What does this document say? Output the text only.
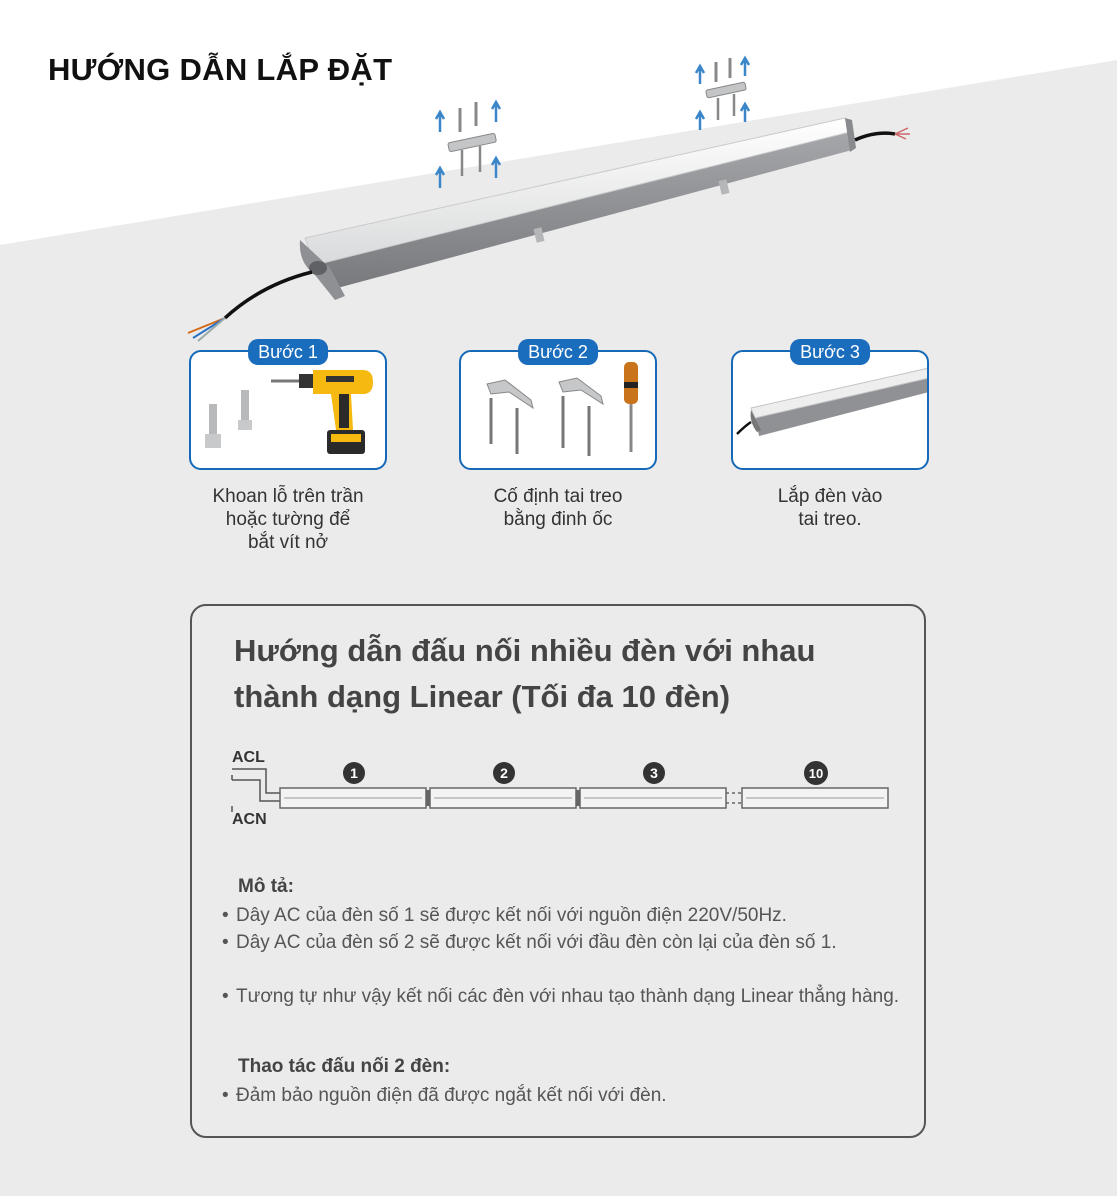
HƯỚNG DẪN LẮP ĐẶT
Bước 1
Khoan lỗ trên trần
hoặc tường để
bắt vít nở
Bước 2
Cố định tai treo
bằng đinh ốc
Bước 3
Lắp đèn vào
tai treo.
Hướng dẫn đấu nối nhiều đèn với nhau
thành dạng Linear (Tối đa 10 đèn)
ACL
ACN
1	2	3	10
Mô tả:
• Dây AC của đèn số 1 sẽ được kết nối với nguồn điện 220V/50Hz.
• Dây AC của đèn số 2 sẽ được kết nối với đầu đèn còn lại của đèn số 1.
• Tương tự như vậy kết nối các đèn với nhau tạo thành dạng Linear thẳng hàng.
Thao tác đấu nối 2 đèn:
• Đảm bảo nguồn điện đã được ngắt kết nối với đèn.
